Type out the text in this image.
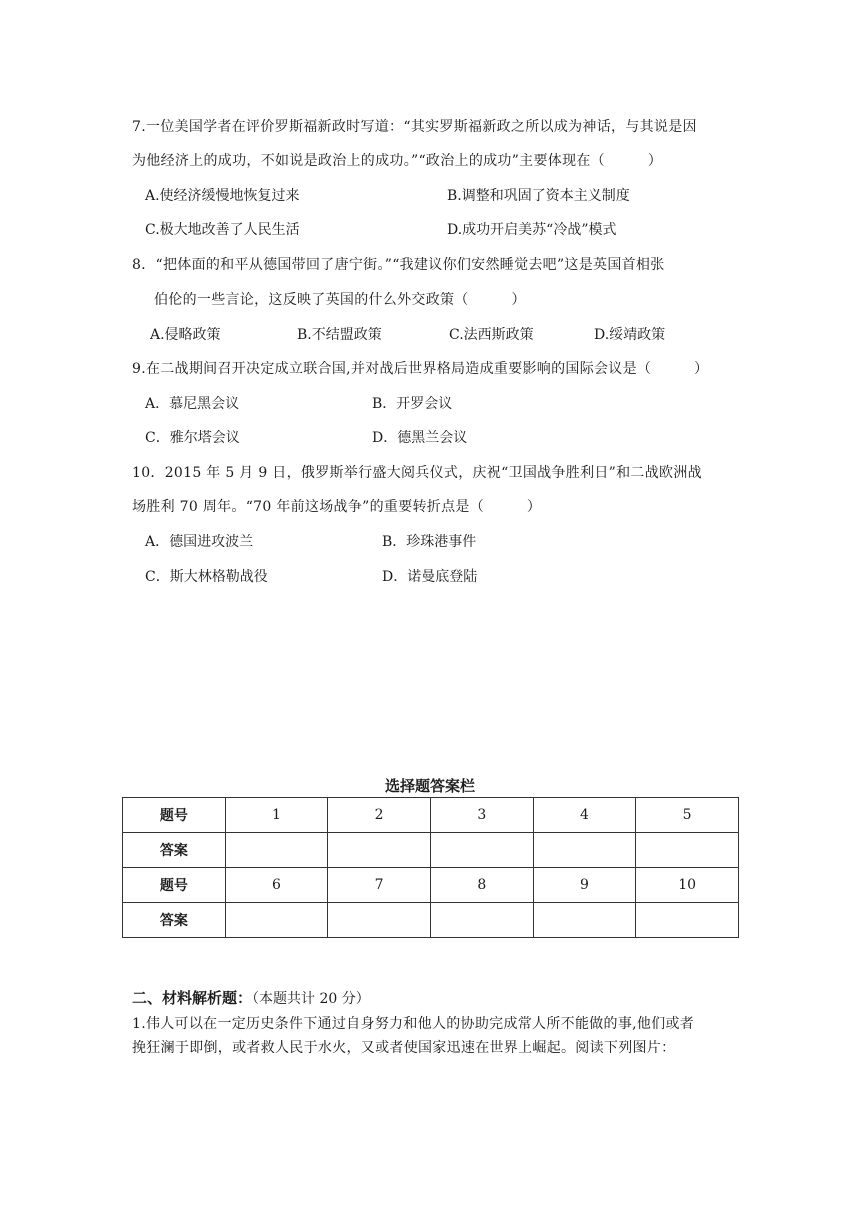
7.一位美国学者在评价罗斯福新政时写道：“其实罗斯福新政之所以成为神话，与其说是因
为他经济上的成功，不如说是政治上的成功。”“政治上的成功”主要体现在（　　　）
A.使经济缓慢地恢复过来	B.调整和巩固了资本主义制度
C.极大地改善了人民生活	D.成功开启美苏“冷战”模式
8．“把体面的和平从德国带回了唐宁街。”“我建议你们安然睡觉去吧”这是英国首相张
伯伦的一些言论，这反映了英国的什么外交政策（　　　）
A.侵略政策	B.不结盟政策	C.法西斯政策	D.绥靖政策
9.在二战期间召开决定成立联合国,并对战后世界格局造成重要影响的国际会议是（　　　）
A．慕尼黑会议	B．开罗会议
C．雅尔塔会议	D．德黑兰会议
10．2015 年 5 月 9 日，俄罗斯举行盛大阅兵仪式，庆祝“卫国战争胜利日”和二战欧洲战
场胜利 70 周年。“70 年前这场战争”的重要转折点是（　　　）
A．德国进攻波兰	B．珍珠港事件
C．斯大林格勒战役	D．诺曼底登陆
选择题答案栏
题号	1	2	3	4	5
答案					
题号	6	7	8	9	10
答案					
二、材料解析题：（本题共计 20 分）
1.伟人可以在一定历史条件下通过自身努力和他人的协助完成常人所不能做的事,他们或者
挽狂澜于即倒，或者救人民于水火，又或者使国家迅速在世界上崛起。阅读下列图片：
